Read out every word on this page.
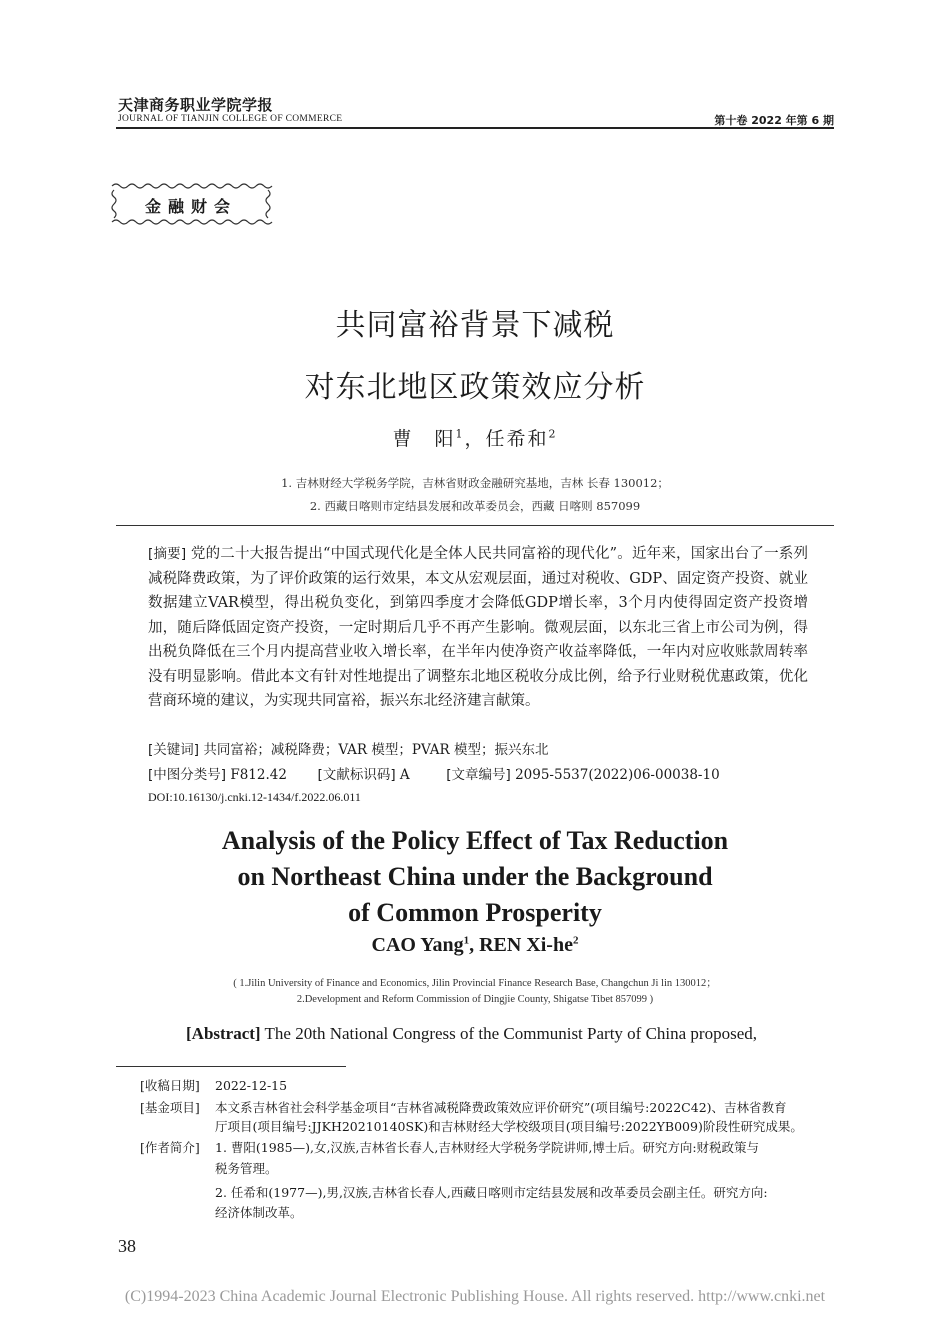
天津商务职业学院学报
JOURNAL OF TIANJIN COLLEGE OF COMMERCE	第十卷 2022 年第 6 期
金融财会
共同富裕背景下减税
对东北地区政策效应分析
曹　阳$^1$，任希和$^2$
1. 吉林财经大学税务学院，吉林省财政金融研究基地，吉林 长春 130012；
2. 西藏日喀则市定结县发展和改革委员会，西藏 日喀则 857099
[摘要] 党的二十大报告提出“中国式现代化是全体人民共同富裕的现代化”。近年来，国家出台了一系列减税降费政策，为了评价政策的运行效果，本文从宏观层面，通过对税收、GDP、固定资产投资、就业数据建立VAR模型，得出税负变化，到第四季度才会降低GDP增长率，3个月内使得固定资产投资增加，随后降低固定资产投资，一定时期后几乎不再产生影响。微观层面，以东北三省上市公司为例，得出税负降低在三个月内提高营业收入增长率，在半年内使净资产收益率降低，一年内对应收账款周转率没有明显影响。借此本文有针对性地提出了调整东北地区税收分成比例，给予行业财税优惠政策，优化营商环境的建议，为实现共同富裕，振兴东北经济建言献策。
[关键词] 共同富裕；减税降费；VAR 模型；PVAR 模型；振兴东北
[中图分类号] F812.42 [文献标识码] A	[文章编号] 2095-5537(2022)06-00038-10
DOI:10.16130/j.cnki.12-1434/f.2022.06.011
Analysis of the Policy Effect of Tax Reduction
on Northeast China under the Background
of Common Prosperity
CAO Yang$^1$, REN $Xi-he^2$
( 1.Jilin University of Finance and Economics, Jilin Provincial Finance Research Base, Changchun Ji lin 130012；
2.Development and Reform Commission of Dingjie County, Shigatse Tibet 857099 )
[Abstract] The 20th National Congress of the Communist Party of China proposed,
[收稿日期] 2022-12-15
[基金项目] 本文系吉林省社会科学基金项目“吉林省减税降费政策效应评价研究”(项目编号:2022C42)、吉林省教育
厅项目(项目编号:JJKH20210140SK)和吉林财经大学校级项目(项目编号:2022YB009)阶段性研究成果。
[作者简介] 1. 曹阳(1985—),女,汉族,吉林省长春人,吉林财经大学税务学院讲师,博士后。研究方向:财税政策与
税务管理。
2. 任希和(1977—),男,汉族,吉林省长春人,西藏日喀则市定结县发展和改革委员会副主任。研究方向:
经济体制改革。
38
(C)1994-2023 China Academic Journal Electronic Publishing House. All rights reserved. http://www.cnki.net
